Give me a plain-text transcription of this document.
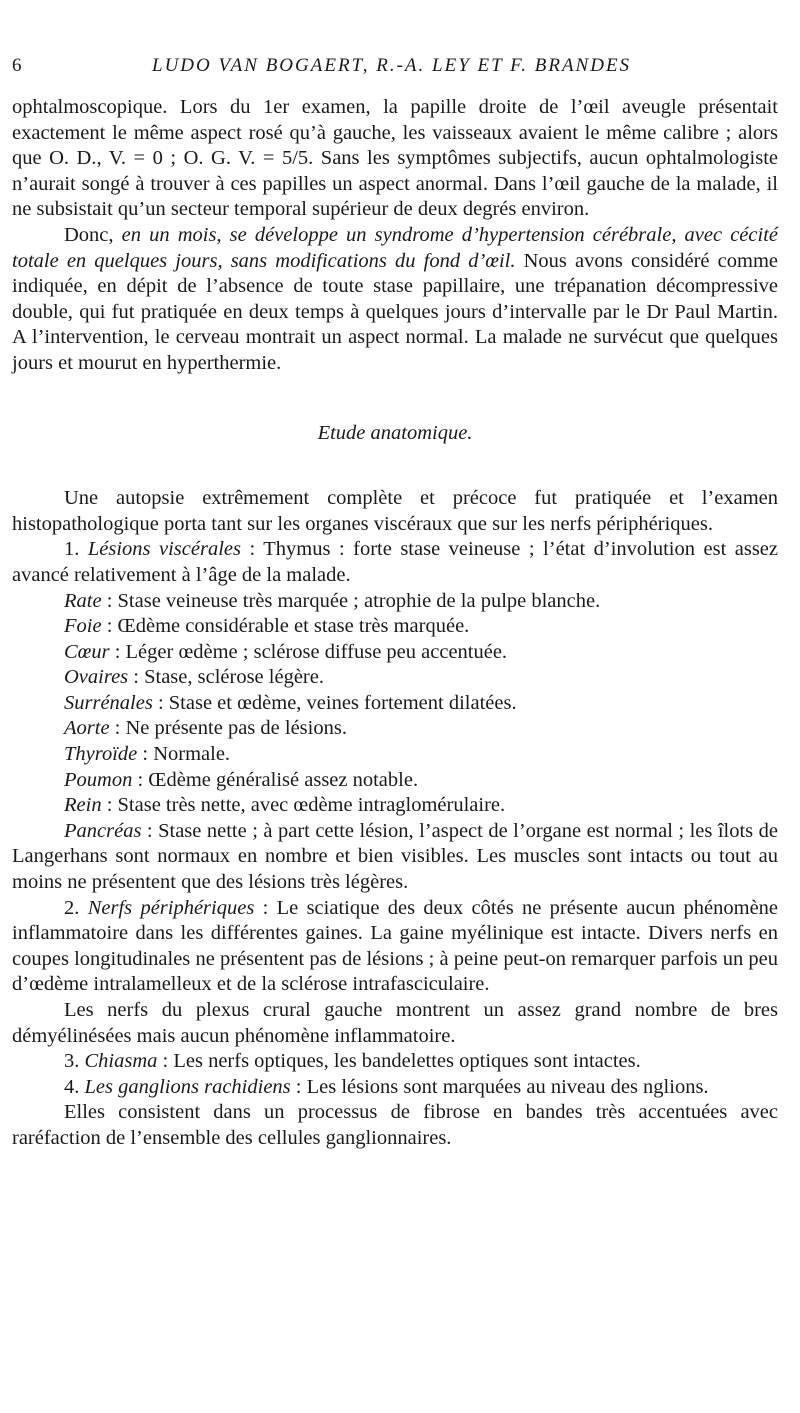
6	LUDO VAN BOGAERT, R.-A. LEY ET F. BRANDES

ophtalmoscopique. Lors du 1er examen, la papille droite de l’œil aveugle présentait exactement le même aspect rosé qu’à gauche, les vaisseaux avaient le même calibre ; alors que O. D., V. = 0 ; O. G. V. = 5/5. Sans les symptômes subjectifs, aucun ophtalmologiste n’aurait songé à trouver à ces papilles un aspect anormal. Dans l’œil gauche de la malade, il ne subsistait qu’un secteur temporal supérieur de deux degrés environ.

Donc, en un mois, se développe un syndrome d’hypertension cérébrale, avec cécité totale en quelques jours, sans modifications du fond d’œil. Nous avons considéré comme indiquée, en dépit de l’absence de toute stase papillaire, une trépanation décompressive double, qui fut pratiquée en deux temps à quelques jours d’intervalle par le Dr Paul Martin. A l’intervention, le cerveau montrait un aspect normal. La malade ne survécut que quelques jours et mourut en hyperthermie.

Etude anatomique.

Une autopsie extrêmement complète et précoce fut pratiquée et l’examen histopathologique porta tant sur les organes viscéraux que sur les nerfs périphériques.

1. Lésions viscérales : Thymus : forte stase veineuse ; l’état d’involution est assez avancé relativement à l’âge de la malade.

Rate : Stase veineuse très marquée ; atrophie de la pulpe blanche.

Foie : Œdème considérable et stase très marquée.

Cœur : Léger œdème ; sclérose diffuse peu accentuée.

Ovaires : Stase, sclérose légère.

Surrénales : Stase et œdème, veines fortement dilatées.

Aorte : Ne présente pas de lésions.

Thyroïde : Normale.

Poumon : Œdème généralisé assez notable.

Rein : Stase très nette, avec œdème intraglomérulaire.

Pancréas : Stase nette ; à part cette lésion, l’aspect de l’organe est normal ; les îlots de Langerhans sont normaux en nombre et bien visibles. Les muscles sont intacts ou tout au moins ne présentent que des lésions très légères.

2. Nerfs périphériques : Le sciatique des deux côtés ne présente aucun phénomène inflammatoire dans les différentes gaines. La gaine myélinique est intacte. Divers nerfs en coupes longitudinales ne présentent pas de lésions ; à peine peut-on remarquer parfois un peu d’œdème intralamelleux et de la sclérose intrafasciculaire.

Les nerfs du plexus crural gauche montrent un assez grand nombre de bres démyélinésées mais aucun phénomène inflammatoire.

3. Chiasma : Les nerfs optiques, les bandelettes optiques sont intactes.

4. Les ganglions rachidiens : Les lésions sont marquées au niveau des nglions.

Elles consistent dans un processus de fibrose en bandes très accentuées avec raréfaction de l’ensemble des cellules ganglionnaires.
